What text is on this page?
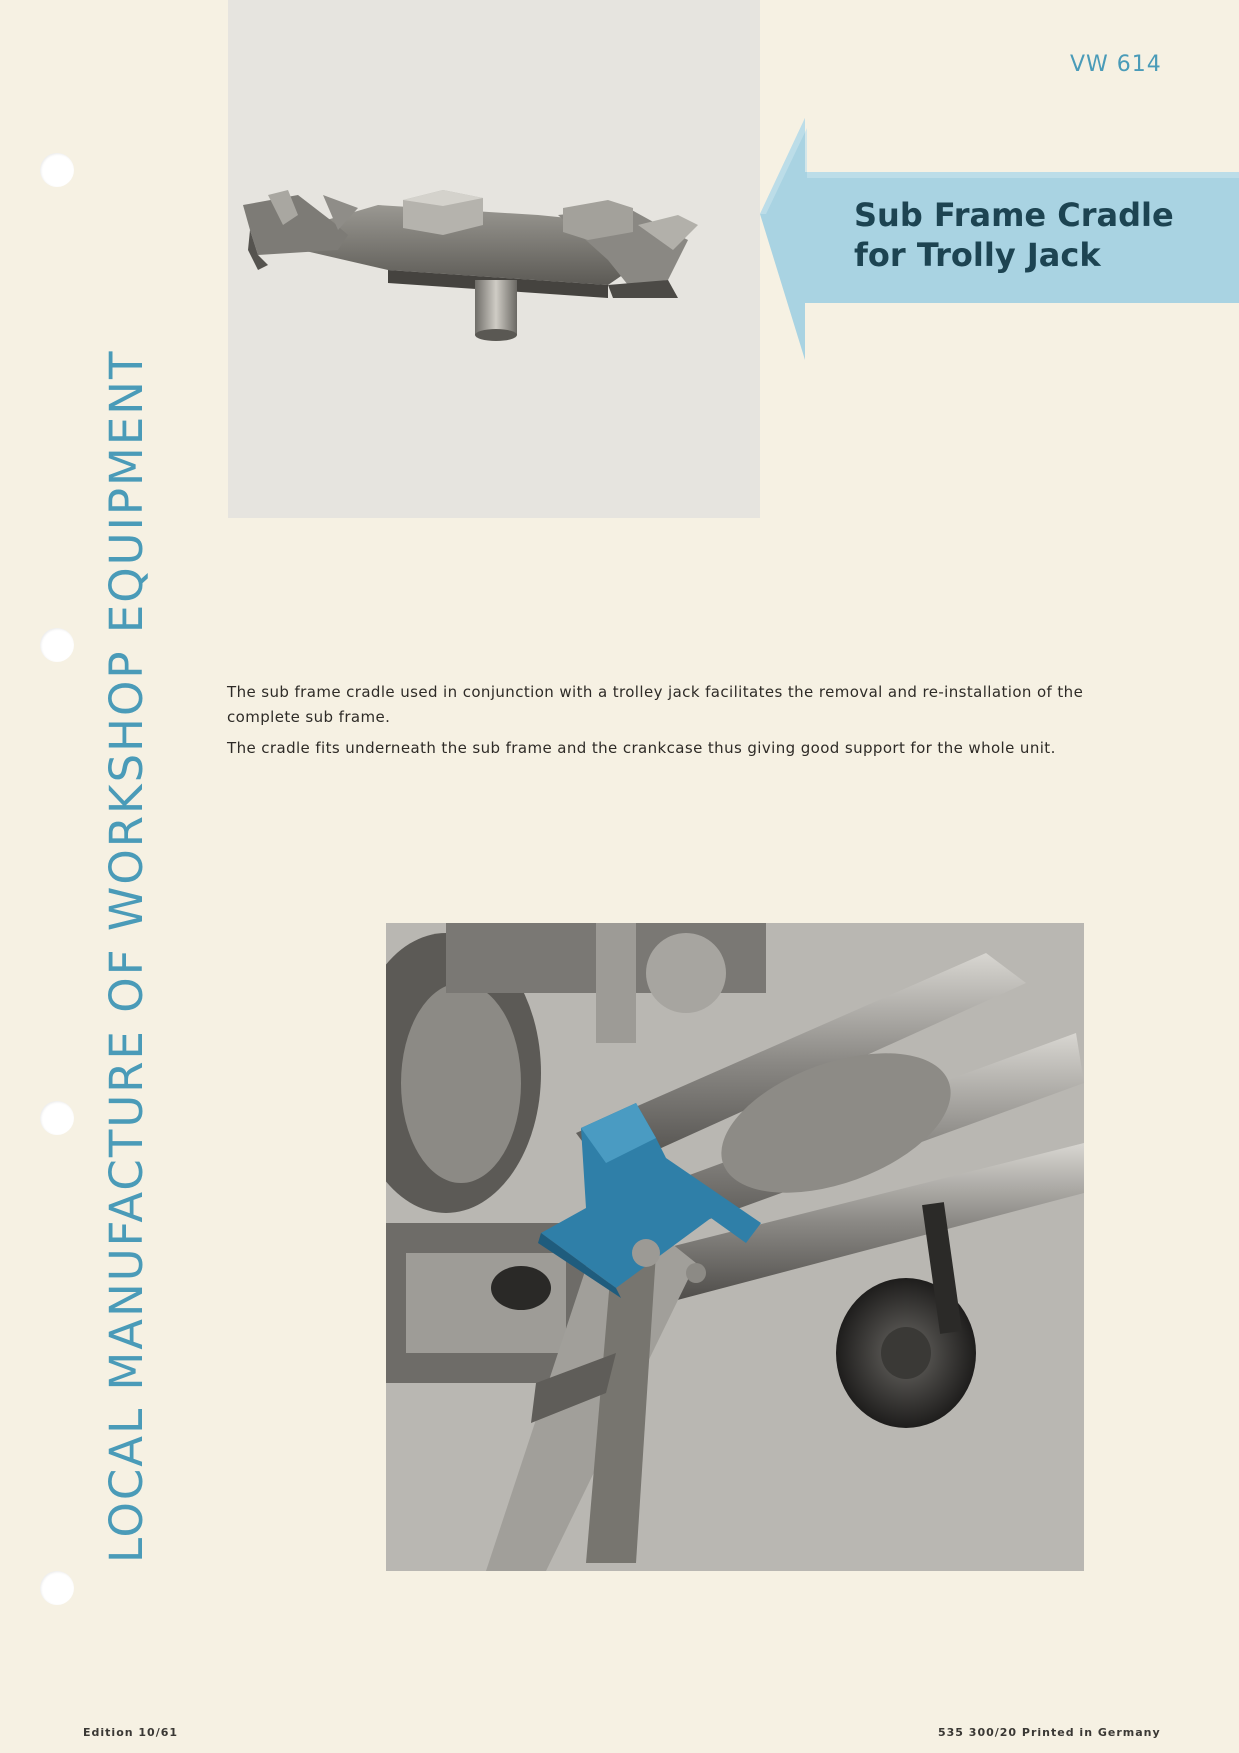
LOCAL MANUFACTURE OF WORKSHOP EQUIPMENT
VW 614
Sub Frame Cradle
for Trolly Jack

The sub frame cradle used in conjunction with a trolley jack facilitates the removal and re-installation of the complete sub frame.

The cradle fits underneath the sub frame and the crankcase thus giving good support for the whole unit.

Edition 10/61	535 300/20 Printed in Germany
